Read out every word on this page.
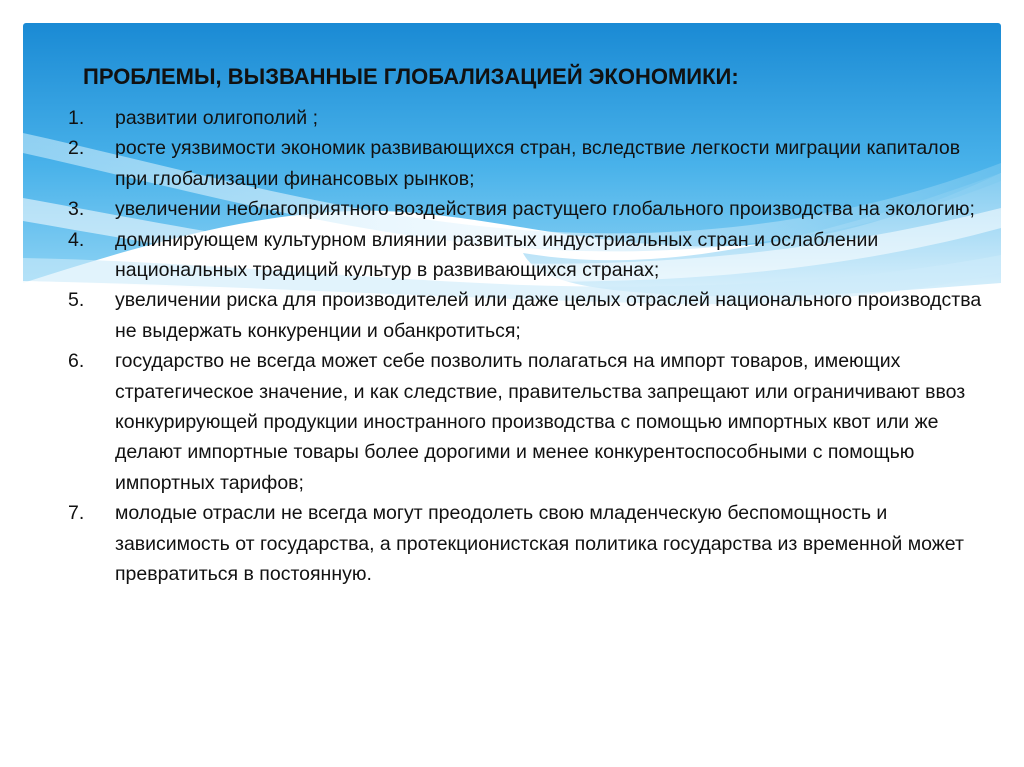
ПРОБЛЕМЫ, ВЫЗВАННЫЕ ГЛОБАЛИЗАЦИЕЙ ЭКОНОМИКИ:
1. развитии олигополий ;
2. росте уязвимости экономик развивающихся стран, вследствие легкости миграции капиталов при глобализации финансовых рынков;
3. увеличении неблагоприятного воздействия растущего глобального производства на экологию;
4. доминирующем культурном влиянии развитых индустриальных стран и ослаблении национальных традиций культур в развивающихся странах;
5. увеличении риска для производителей или даже целых отраслей национального производства не выдержать конкуренции и обанкротиться;
6. государство не всегда может себе позволить полагаться на импорт товаров, имеющих стратегическое значение, и как следствие, правительства запрещают или ограничивают ввоз конкурирующей продукции иностранного производства с помощью импортных квот или же делают импортные товары более дорогими и менее конкурентоспособными с помощью импортных тарифов;
7. молодые отрасли не всегда могут преодолеть свою младенческую беспомощность и зависимость от государства, а протекционистская политика государства из временной может превратиться в постоянную.
